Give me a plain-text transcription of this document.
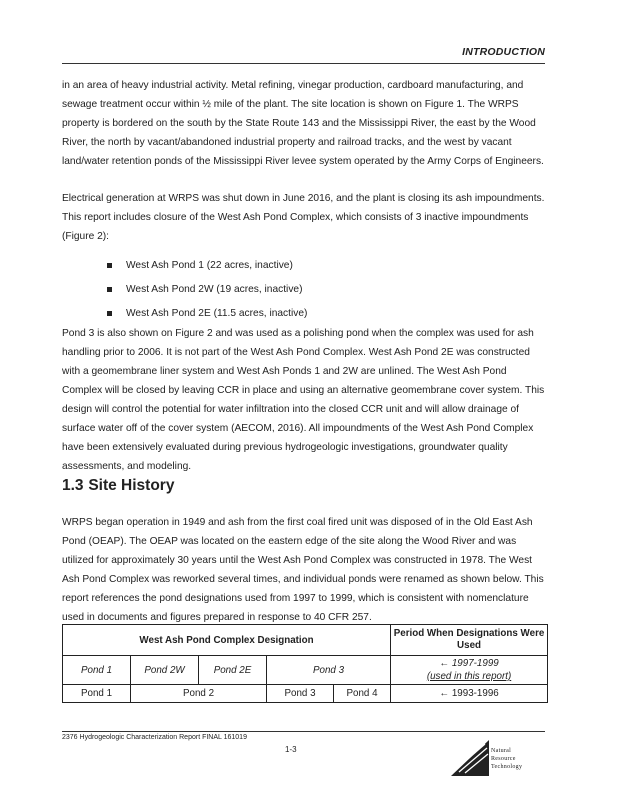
INTRODUCTION
in an area of heavy industrial activity. Metal refining, vinegar production, cardboard manufacturing, and sewage treatment occur within ½ mile of the plant. The site location is shown on Figure 1. The WRPS property is bordered on the south by the State Route 143 and the Mississippi River, the east by the Wood River, the north by vacant/abandoned industrial property and railroad tracks, and the west by vacant land/water retention ponds of the Mississippi River levee system operated by the Army Corps of Engineers.
Electrical generation at WRPS was shut down in June 2016, and the plant is closing its ash impoundments. This report includes closure of the West Ash Pond Complex, which consists of 3 inactive impoundments (Figure 2):
West Ash Pond 1 (22 acres, inactive)
West Ash Pond 2W (19 acres, inactive)
West Ash Pond 2E (11.5 acres, inactive)
Pond 3 is also shown on Figure 2 and was used as a polishing pond when the complex was used for ash handling prior to 2006. It is not part of the West Ash Pond Complex. West Ash Pond 2E was constructed with a geomembrane liner system and West Ash Ponds 1 and 2W are unlined. The West Ash Pond Complex will be closed by leaving CCR in place and using an alternative geomembrane cover system. This design will control the potential for water infiltration into the closed CCR unit and will allow drainage of surface water off of the cover system (AECOM, 2016). All impoundments of the West Ash Pond Complex have been extensively evaluated during previous hydrogeologic investigations, groundwater quality assessments, and modeling.
1.3 Site History
WRPS began operation in 1949 and ash from the first coal fired unit was disposed of in the Old East Ash Pond (OEAP). The OEAP was located on the eastern edge of the site along the Wood River and was utilized for approximately 30 years until the West Ash Pond Complex was constructed in 1978. The West Ash Pond Complex was reworked several times, and individual ponds were renamed as shown below. This report references the pond designations used from 1997 to 1999, which is consistent with nomenclature used in documents and figures prepared in response to 40 CFR 257.
West Ash Pond Complex Designation					Period When Designations Were Used
Pond 1	Pond 2W	Pond 2E	Pond 3		← 1997-1999
(used in this report)

Pond 1	Pond 2		Pond 3	Pond 4	← 1993-1996
2376 Hydrogeologic Characterization Report FINAL 161019
1-3	Natural
Resource
Technology
